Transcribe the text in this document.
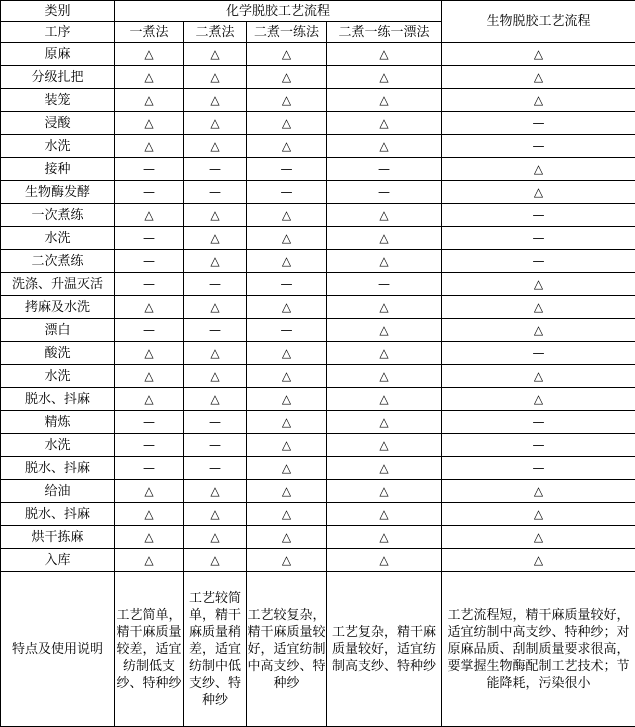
类别	化学脱胶工艺流程				生物脱胶工艺流程
工序	一煮法	二煮法	二煮一练法	二煮一练一漂法	
原麻	△	△	△	△	△
分级扎把	△	△	△	△	△
装笼	△	△	△	△	△
浸酸	△	△	△	△	—
水洗	△	△	△	△	—
接种	—	—	—	—	△
生物酶发酵	—	—	—	—	△
一次煮练	△	△	△	△	—
水洗	—	△	△	△	—
二次煮练	—	△	△	△	—
洗涤、升温灭活	—	—	—	—	△
拷麻及水洗	△	△	△	△	△
漂白	—	—	—	△	△
酸洗	△	△	△	△	—
水洗	△	△	△	△	△
脱水、抖麻	△	△	△	△	△
精炼	—	—	△	△	—
水洗	—	—	△	△	—
脱水、抖麻	—	—	△	△	—
给油	△	△	△	△	△
脱水、抖麻	△	△	△	△	△
烘干拣麻	△	△	△	△	△
入库	△	△	△	△	△
特点及使用说明	工艺简单，精干麻质量较差，适宜纺制低支纱、特种纱	工艺较简单，精干麻质量稍差，适宜纺制中低支纱、特种纱	工艺较复杂，精干麻质量较好，适宜纺制中高支纱、特种纱	工艺复杂，精干麻质量较好，适宜纺制高支纱、特种纱	工艺流程短，精干麻质量较好，适宜纺制中高支纱、特种纱；对原麻品质、刮制质量要求很高，要掌握生物酶配制工艺技术；节能降耗，污染很小
